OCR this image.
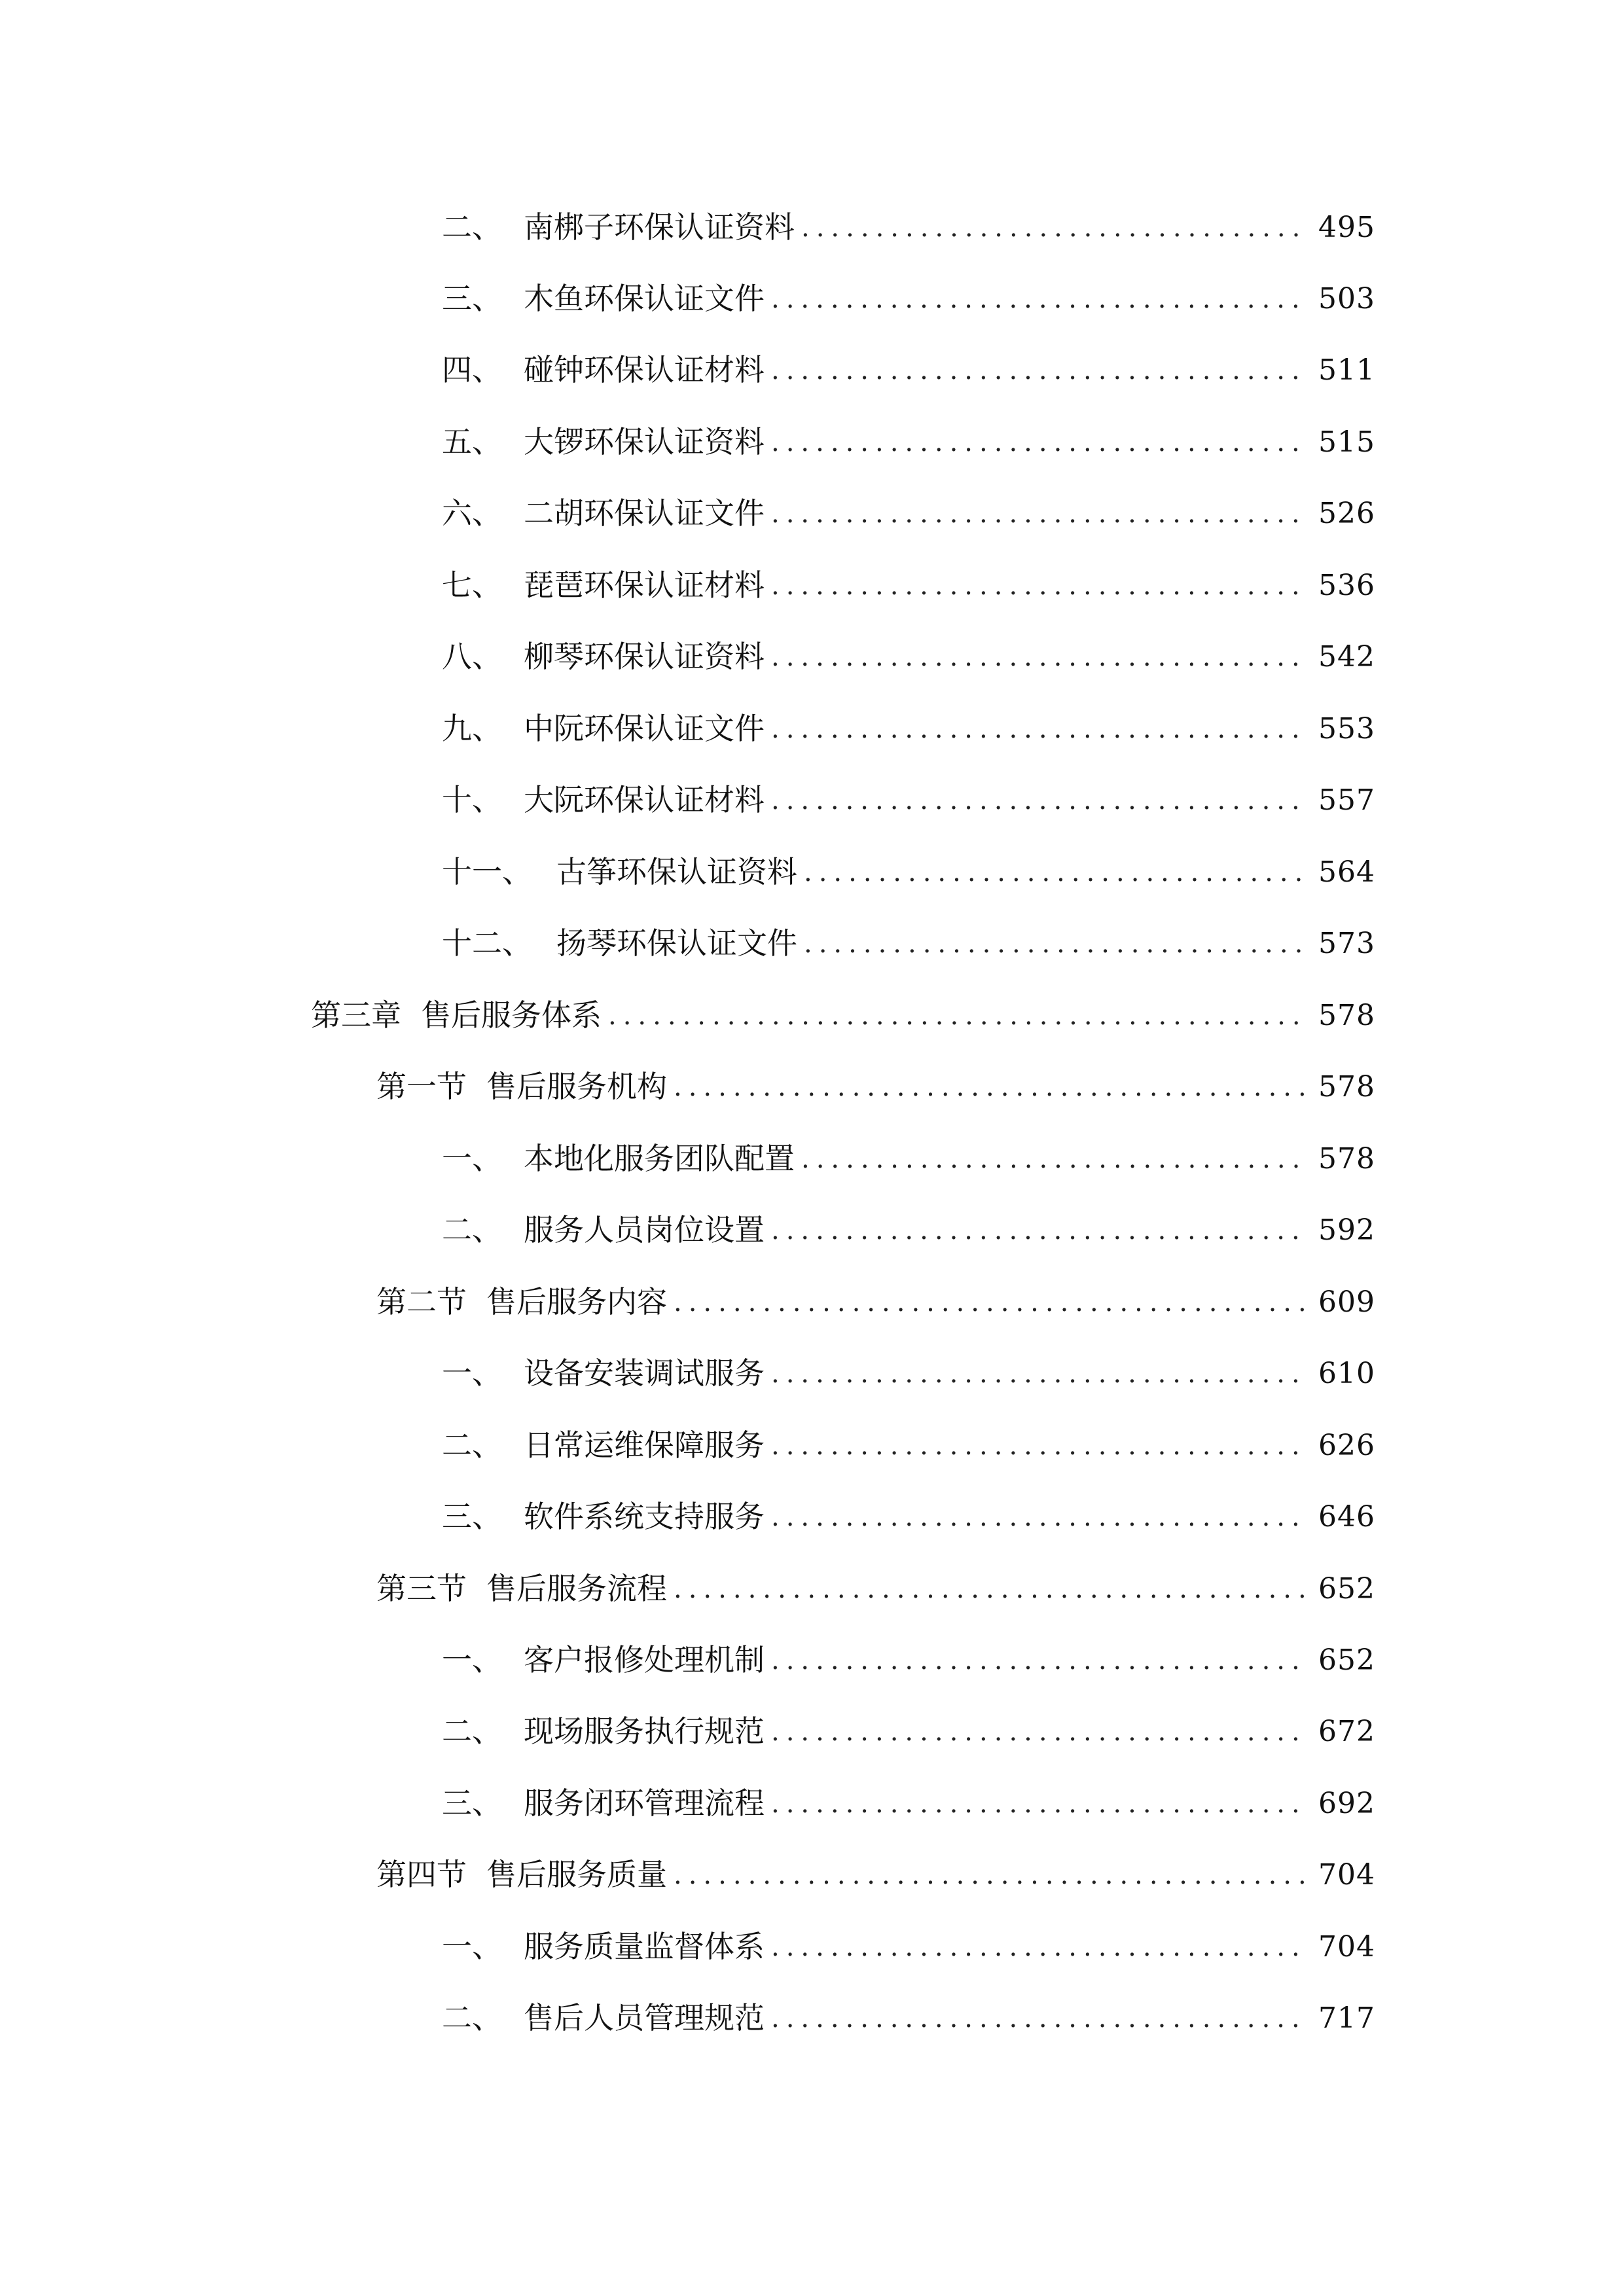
二、 南梆子环保认证资料 .....	495
三、 木鱼环保认证文件 .....	503
四、 碰钟环保认证材料 .....	511
五、 大锣环保认证资料 .....	515
六、 二胡环保认证文件 .....	526
七、 琵琶环保认证材料 .....	536
八、 柳琴环保认证资料 .....	542
九、 中阮环保认证文件 .....	553
十、 大阮环保认证材料 .....	557
十一、 古筝环保认证资料 .....	564
十二、 扬琴环保认证文件 .....	573
第三章 售后服务体系 .....	578
第一节 售后服务机构 .....	578
一、 本地化服务团队配置 .....	578
二、 服务人员岗位设置 .....	592
第二节 售后服务内容 .....	609
一、 设备安装调试服务 .....	610
二、 日常运维保障服务 .....	626
三、 软件系统支持服务 .....	646
第三节 售后服务流程 .....	652
一、 客户报修处理机制 .....	652
二、 现场服务执行规范 .....	672
三、 服务闭环管理流程 .....	692
第四节 售后服务质量 .....	704
一、 服务质量监督体系 .....	704
二、 售后人员管理规范 .....	717
